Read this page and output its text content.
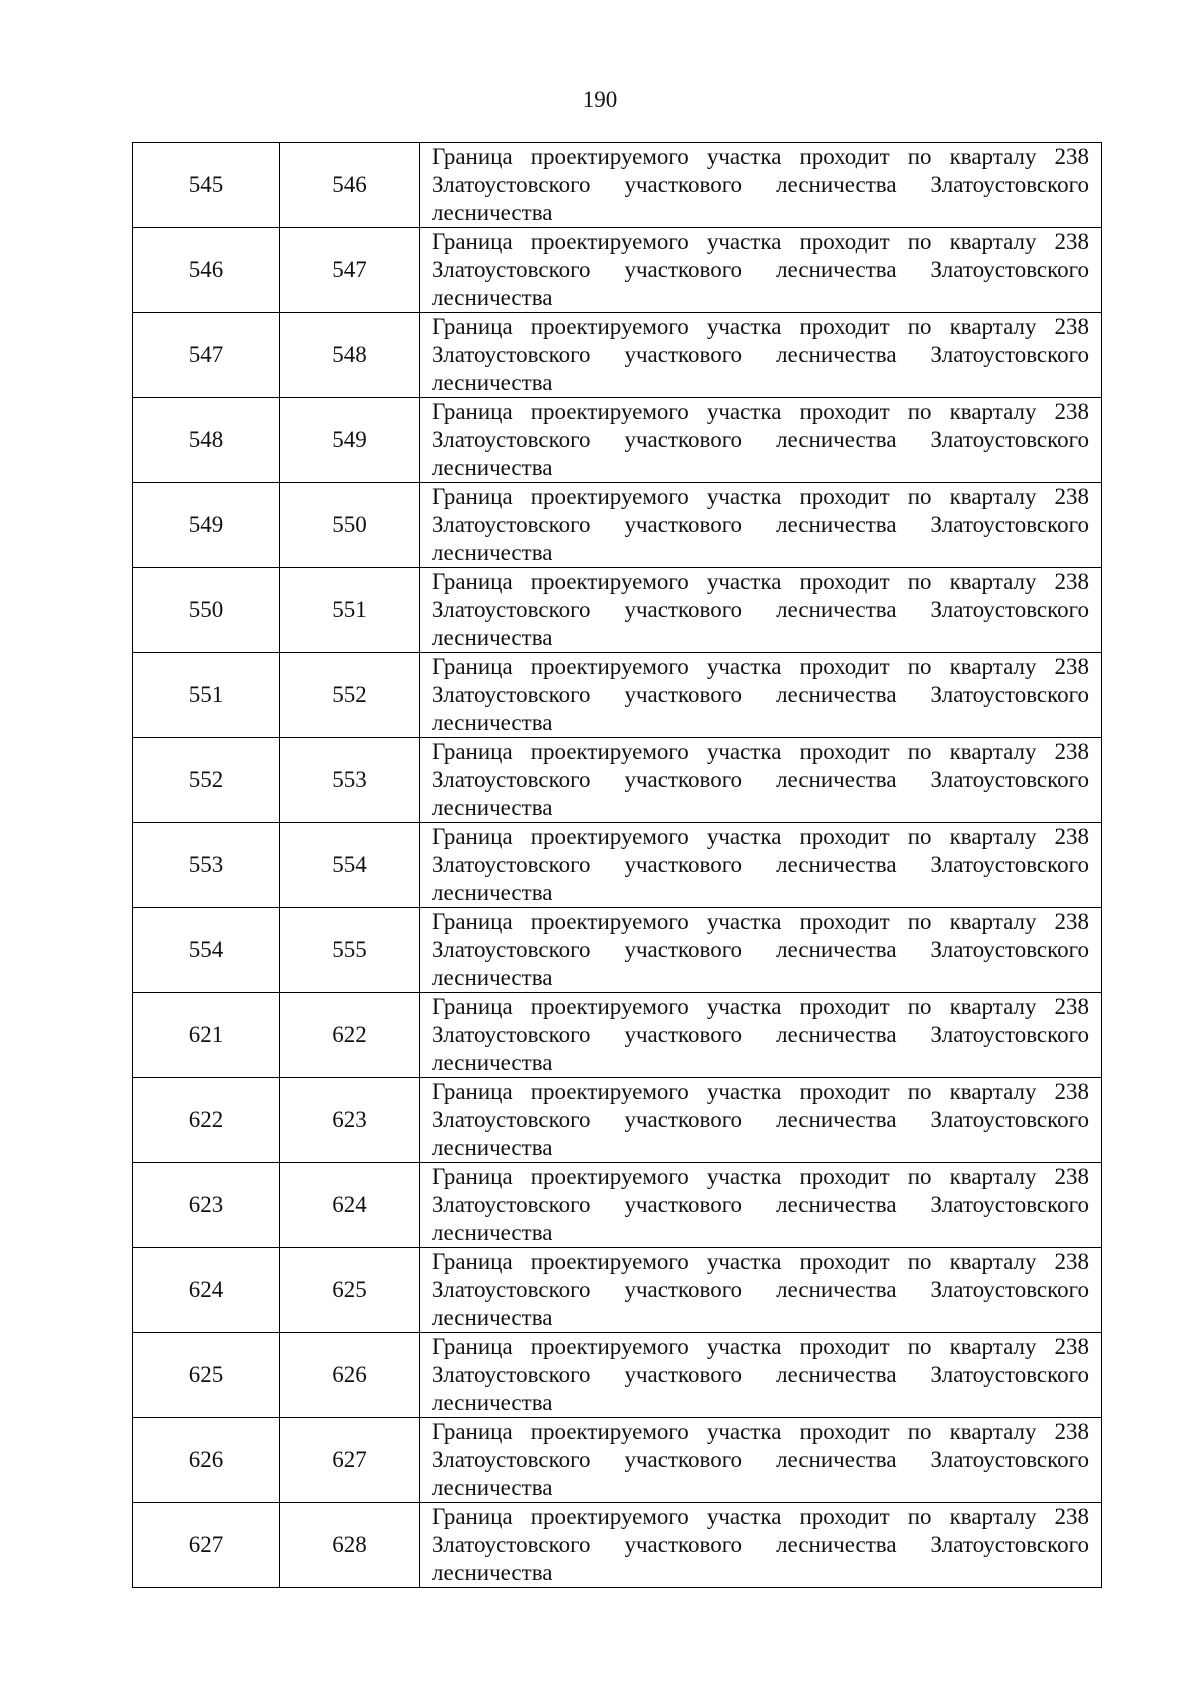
190
545	546	Граница проектируемого участка проходит по кварталу 238 Златоустовского участкового лесничества Златоустовского лесничества
546	547	Граница проектируемого участка проходит по кварталу 238 Златоустовского участкового лесничества Златоустовского лесничества
547	548	Граница проектируемого участка проходит по кварталу 238 Златоустовского участкового лесничества Златоустовского лесничества
548	549	Граница проектируемого участка проходит по кварталу 238 Златоустовского участкового лесничества Златоустовского лесничества
549	550	Граница проектируемого участка проходит по кварталу 238 Златоустовского участкового лесничества Златоустовского лесничества
550	551	Граница проектируемого участка проходит по кварталу 238 Златоустовского участкового лесничества Златоустовского лесничества
551	552	Граница проектируемого участка проходит по кварталу 238 Златоустовского участкового лесничества Златоустовского лесничества
552	553	Граница проектируемого участка проходит по кварталу 238 Златоустовского участкового лесничества Златоустовского лесничества
553	554	Граница проектируемого участка проходит по кварталу 238 Златоустовского участкового лесничества Златоустовского лесничества
554	555	Граница проектируемого участка проходит по кварталу 238 Златоустовского участкового лесничества Златоустовского лесничества
621	622	Граница проектируемого участка проходит по кварталу 238 Златоустовского участкового лесничества Златоустовского лесничества
622	623	Граница проектируемого участка проходит по кварталу 238 Златоустовского участкового лесничества Златоустовского лесничества
623	624	Граница проектируемого участка проходит по кварталу 238 Златоустовского участкового лесничества Златоустовского лесничества
624	625	Граница проектируемого участка проходит по кварталу 238 Златоустовского участкового лесничества Златоустовского лесничества
625	626	Граница проектируемого участка проходит по кварталу 238 Златоустовского участкового лесничества Златоустовского лесничества
626	627	Граница проектируемого участка проходит по кварталу 238 Златоустовского участкового лесничества Златоустовского лесничества
627	628	Граница проектируемого участка проходит по кварталу 238 Златоустовского участкового лесничества Златоустовского лесничества
